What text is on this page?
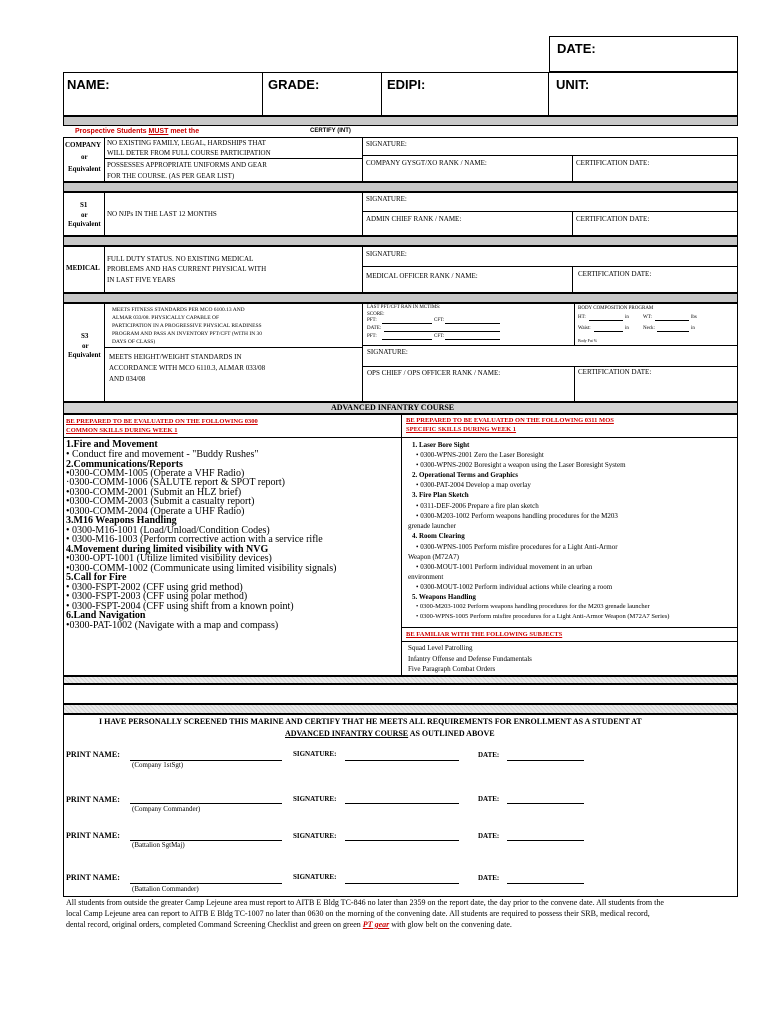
DATE:
NAME:	GRADE:	EDIPI:	UNIT:
Prospective Students MUST meet the	CERTIFY (INT)
COMPANY
or
Equivalent
NO EXISTING FAMILY, LEGAL, HARDSHIPS THAT
WILL DETER FROM FULL COURSE PARTICIPATION
POSSESSES APPROPRIATE UNIFORMS AND GEAR
FOR THE COURSE. (AS PER GEAR LIST)
SIGNATURE:
COMPANY GYSGT/XO RANK / NAME:	CERTIFICATION DATE:
S1
or
Equivalent
NO NJPs IN THE LAST 12 MONTHS
SIGNATURE:
ADMIN CHIEF RANK / NAME:	CERTIFICATION DATE:
MEDICAL
FULL DUTY STATUS. NO EXISTING MEDICAL
PROBLEMS AND HAS CURRENT PHYSICAL WITH
IN LAST FIVE YEARS
SIGNATURE:
MEDICAL OFFICER RANK / NAME:	CERTIFICATION DATE:
S3
or
Equivalent
MEETS FITNESS STANDARDS PER MCO 6100.13 AND
ALMAR 033/08. PHYSICALLY CAPABLE OF
PARTICIPATION IN A PROGRESSIVE PHYSICAL READINESS
PROGRAM AND PASS AN INVENTORY PFT/CFT (WITH IN 30
DAYS OF CLASS)
MEETS HEIGHT/WEIGHT STANDARDS IN
ACCORDANCE WITH MCO 6110.3, ALMAR 033/08
AND 034/08
LAST PFT/CFT RAN IN MCTIMS:
SCORE:
PFT:	CFT:
DATE:
PFT:	CFT:
BODY COMPOSITION PROGRAM
HT:	in	WT:	lbs
Waist:	in	Neck:	in
Body Fat %
SIGNATURE:
OPS CHIEF / OPS OFFICER RANK / NAME:	CERTIFICATION DATE:
ADVANCED INFANTRY COURSE
BE PREPARED TO BE EVALUATED ON THE FOLLOWING 0300
COMMON SKILLS DURING WEEK 1
BE PREPARED TO BE EVALUATED ON THE FOLLOWING 0311 MOS
SPECIFIC SKILLS DURING WEEK 1
1.Fire and Movement
• Conduct fire and movement - "Buddy Rushes"
2.Communications/Reports
•0300-COMM-1005 (Operate a VHF Radio)
·0300-COMM-1006 (SALUTE report & SPOT report)
•0300-COMM-2001 (Submit an HLZ brief)
•0300-COMM-2003 (Submit a casualty report)
•0300-COMM-2004 (Operate a UHF Radio)
3.M16 Weapons Handling
• 0300-M16-1001 (Load/Unload/Condition Codes)
• 0300-M16-1003 (Perform corrective action with a service rifle
4.Movement during limited visibility with NVG
•0300-OPT-1001 (Utilize limited visibility devices)
•0300-COMM-1002 (Communicate using limited visibility signals)
5.Call for Fire
• 0300-FSPT-2002 (CFF using grid method)
• 0300-FSPT-2003 (CFF using polar method)
• 0300-FSPT-2004 (CFF using shift from a known point)
6.Land Navigation
•0300-PAT-1002 (Navigate with a map and compass)
1. Laser Bore Sight
• 0300-WPNS-2001 Zero the Laser Boresight
• 0300-WPNS-2002 Boresight a weapon using the Laser Boresight System
2. Operational Terms and Graphics
• 0300-PAT-2004 Develop a map overlay
3. Fire Plan Sketch
• 0311-DEF-2006 Prepare a fire plan sketch
• 0300-M203-1002 Perform weapons handling procedures for the M203
grenade launcher
4. Room Clearing
• 0300-WPNS-1005 Perform misfire procedures for a Light Anti-Armor
Weapon (M72A7)
• 0300-MOUT-1001 Perform individual movement in an urban
environment
• 0300-MOUT-1002 Perform individual actions while clearing a room
5. Weapons Handling
• 0300-M203-1002 Perform weapons handling procedures for the M203 grenade launcher
• 0300-WPNS-1005 Perform misfire procedures for a Light Anti-Armor Weapon (M72A7 Series)
BE FAMILIAR WITH THE FOLLOWING SUBJECTS
Squad Level Patrolling
Infantry Offense and Defense Fundamentals
Five Paragraph Combat Orders
I HAVE PERSONALLY SCREENED THIS MARINE AND CERTIFY THAT HE MEETS ALL REQUIREMENTS FOR ENROLLMENT AS A STUDENT AT
ADVANCED INFANTRY COURSE AS OUTLINED ABOVE
PRINT NAME:
(Company 1stSgt)
SIGNATURE:	DATE:
PRINT NAME:
(Company Commander)
SIGNATURE:	DATE:
PRINT NAME:
(Battalion SgtMaj)
SIGNATURE:	DATE:
PRINT NAME:
(Battalion Commander)
SIGNATURE:	DATE:
All students from outside the greater Camp Lejeune area must report to AITB E Bldg TC-846 no later than 2359 on the report date, the day prior to the convene date. All students from the
local Camp Lejeune area can report to AITB E Bldg TC-1007 no later than 0630 on the morning of the convening date. All students are required to possess their SRB, medical record,
dental record, original orders, completed Command Screening Checklist and green on green PT gear with glow belt on the convening date.
